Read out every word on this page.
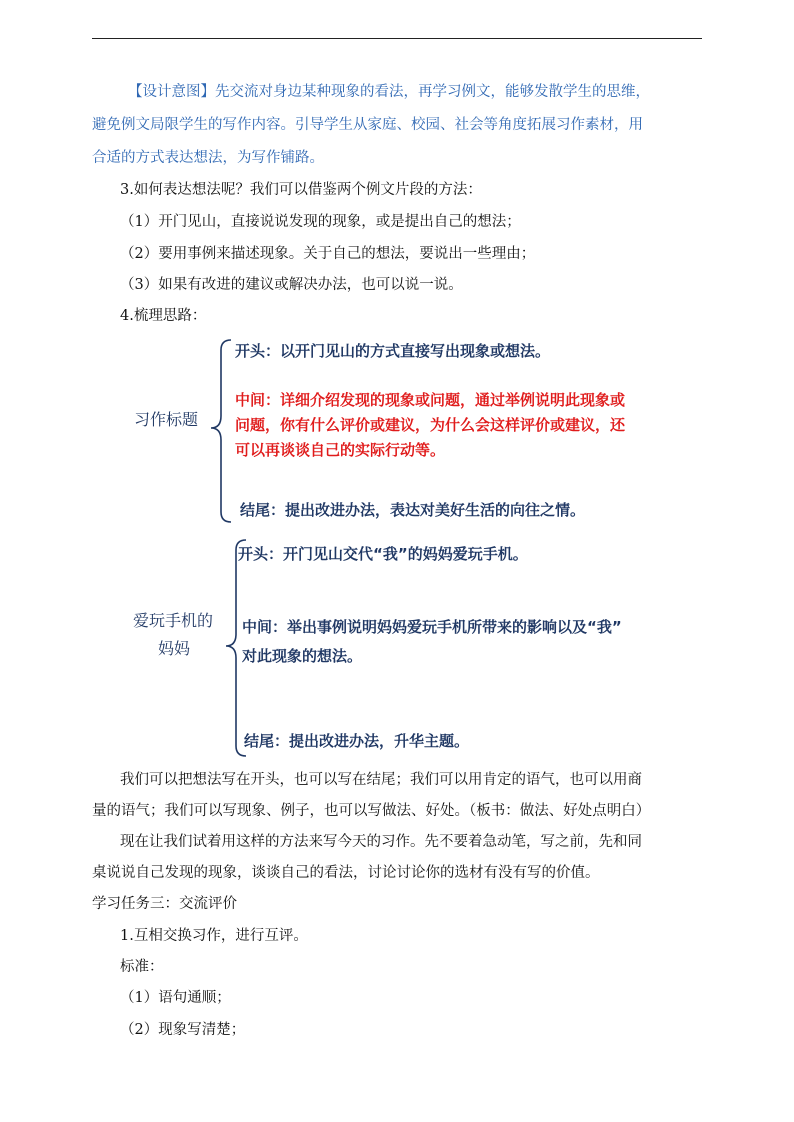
【设计意图】先交流对身边某种现象的看法，再学习例文，能够发散学生的思维，
避免例文局限学生的写作内容。引导学生从家庭、校园、社会等角度拓展习作素材，用
合适的方式表达想法，为写作铺路。
3.如何表达想法呢？我们可以借鉴两个例文片段的方法：
（1）开门见山，直接说说发现的现象，或是提出自己的想法；
（2）要用事例来描述现象。关于自己的想法，要说出一些理由；
（3）如果有改进的建议或解决办法，也可以说一说。
4.梳理思路：
习作标题
开头：以开门见山的方式直接写出现象或想法。
中间：详细介绍发现的现象或问题，通过举例说明此现象或
问题，你有什么评价或建议，为什么会这样评价或建议，还
可以再谈谈自己的实际行动等。
结尾：提出改进办法，表达对美好生活的向往之情。
爱玩手机的
妈妈
开头：开门见山交代“我”的妈妈爱玩手机。
中间：举出事例说明妈妈爱玩手机所带来的影响以及“我”
对此现象的想法。
结尾：提出改进办法，升华主题。
我们可以把想法写在开头，也可以写在结尾；我们可以用肯定的语气，也可以用商
量的语气；我们可以写现象、例子，也可以写做法、好处。（板书：做法、好处点明白）
现在让我们试着用这样的方法来写今天的习作。先不要着急动笔，写之前，先和同
桌说说自己发现的现象，谈谈自己的看法，讨论讨论你的选材有没有写的价值。
学习任务三：交流评价
1.互相交换习作，进行互评。
标准：
（1）语句通顺；
（2）现象写清楚；
